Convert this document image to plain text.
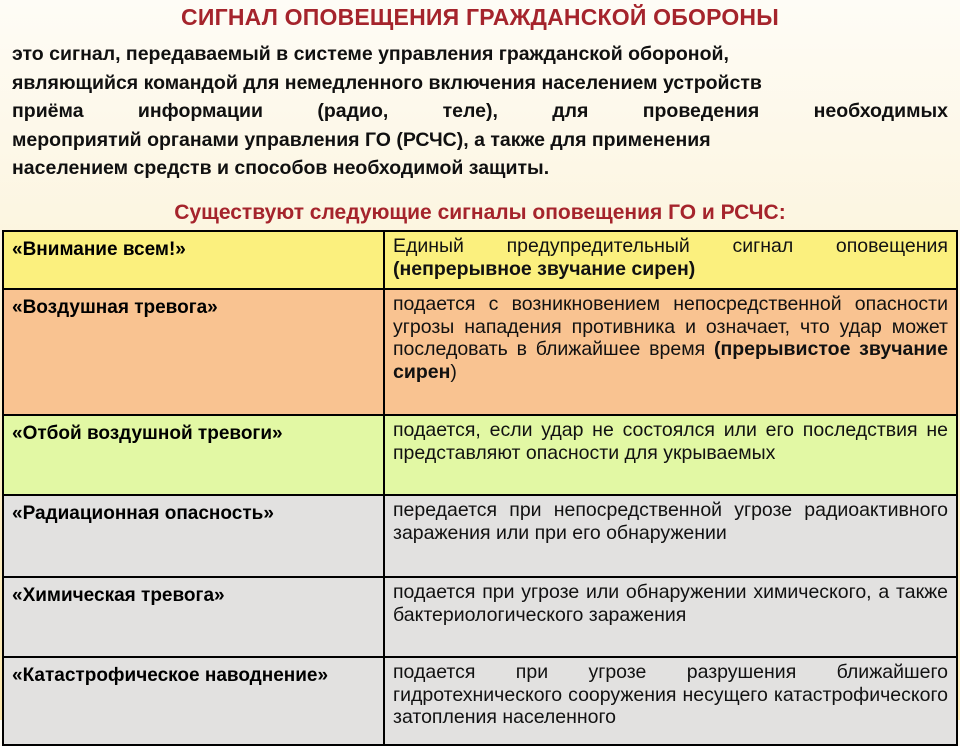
СИГНАЛ ОПОВЕЩЕНИЯ ГРАЖДАНСКОЙ ОБОРОНЫ
это сигнал, передаваемый в системе управления гражданской обороной,
являющийся командой для немедленного включения населением устройств
приёма информации (радио, теле), для проведения необходимых
мероприятий органами управления ГО (РСЧС), а также для применения
населением средств и способов необходимой защиты.
Существуют следующие сигналы оповещения ГО и РСЧС:
«Внимание всем!»	Единый предупредительный сигнал оповещения (непрерывное звучание сирен)
«Воздушная тревога»	подается с возникновением непосредственной опасности угрозы нападения противника и означает, что удар может последовать в ближайшее время (прерывистое звучание сирен)
«Отбой воздушной тревоги»	подается, если удар не состоялся или его последствия не представляют опасности для укрываемых
«Радиационная опасность»	передается при непосредственной угрозе радиоактивного заражения или при его обнаружении
«Химическая тревога»	подается при угрозе или обнаружении химического, а также бактериологического заражения
«Катастрофическое наводнение»	подается при угрозе разрушения ближайшего гидротехнического сооружения несущего катастрофического затопления населенного
